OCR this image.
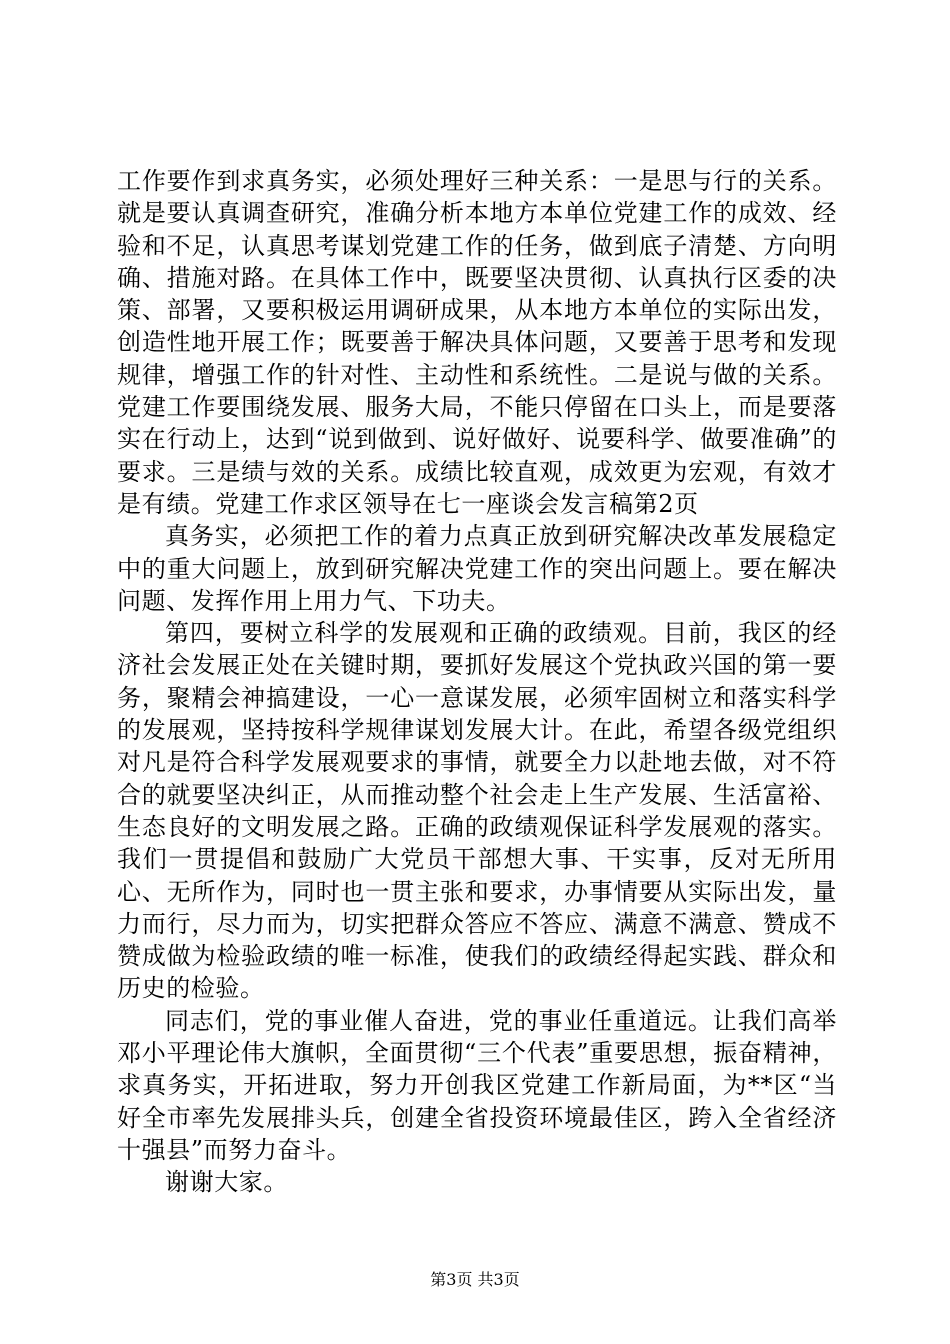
工作要作到求真务实，必须处理好三种关系：一是思与行的关系。就是要认真调查研究，准确分析本地方本单位党建工作的成效、经验和不足，认真思考谋划党建工作的任务，做到底子清楚、方向明确、措施对路。在具体工作中，既要坚决贯彻、认真执行区委的决策、部署，又要积极运用调研成果，从本地方本单位的实际出发，创造性地开展工作；既要善于解决具体问题，又要善于思考和发现规律，增强工作的针对性、主动性和系统性。二是说与做的关系。党建工作要围绕发展、服务大局，不能只停留在口头上，而是要落实在行动上，达到“说到做到、说好做好、说要科学、做要准确”的要求。三是绩与效的关系。成绩比较直观，成效更为宏观，有效才是有绩。党建工作求区领导在七一座谈会发言稿第2页

真务实，必须把工作的着力点真正放到研究解决改革发展稳定中的重大问题上，放到研究解决党建工作的突出问题上。要在解决问题、发挥作用上用力气、下功夫。

第四，要树立科学的发展观和正确的政绩观。目前，我区的经济社会发展正处在关键时期，要抓好发展这个党执政兴国的第一要务，聚精会神搞建设，一心一意谋发展，必须牢固树立和落实科学的发展观，坚持按科学规律谋划发展大计。在此，希望各级党组织对凡是符合科学发展观要求的事情，就要全力以赴地去做，对不符合的就要坚决纠正，从而推动整个社会走上生产发展、生活富裕、生态良好的文明发展之路。正确的政绩观保证科学发展观的落实。我们一贯提倡和鼓励广大党员干部想大事、干实事，反对无所用心、无所作为，同时也一贯主张和要求，办事情要从实际出发，量力而行，尽力而为，切实把群众答应不答应、满意不满意、赞成不赞成做为检验政绩的唯一标准，使我们的政绩经得起实践、群众和历史的检验。

同志们，党的事业催人奋进，党的事业任重道远。让我们高举邓小平理论伟大旗帜，全面贯彻“三个代表”重要思想，振奋精神，求真务实，开拓进取，努力开创我区党建工作新局面，为**区“当好全市率先发展排头兵，创建全省投资环境最佳区，跨入全省经济十强县”而努力奋斗。

谢谢大家。

第3页 共3页
